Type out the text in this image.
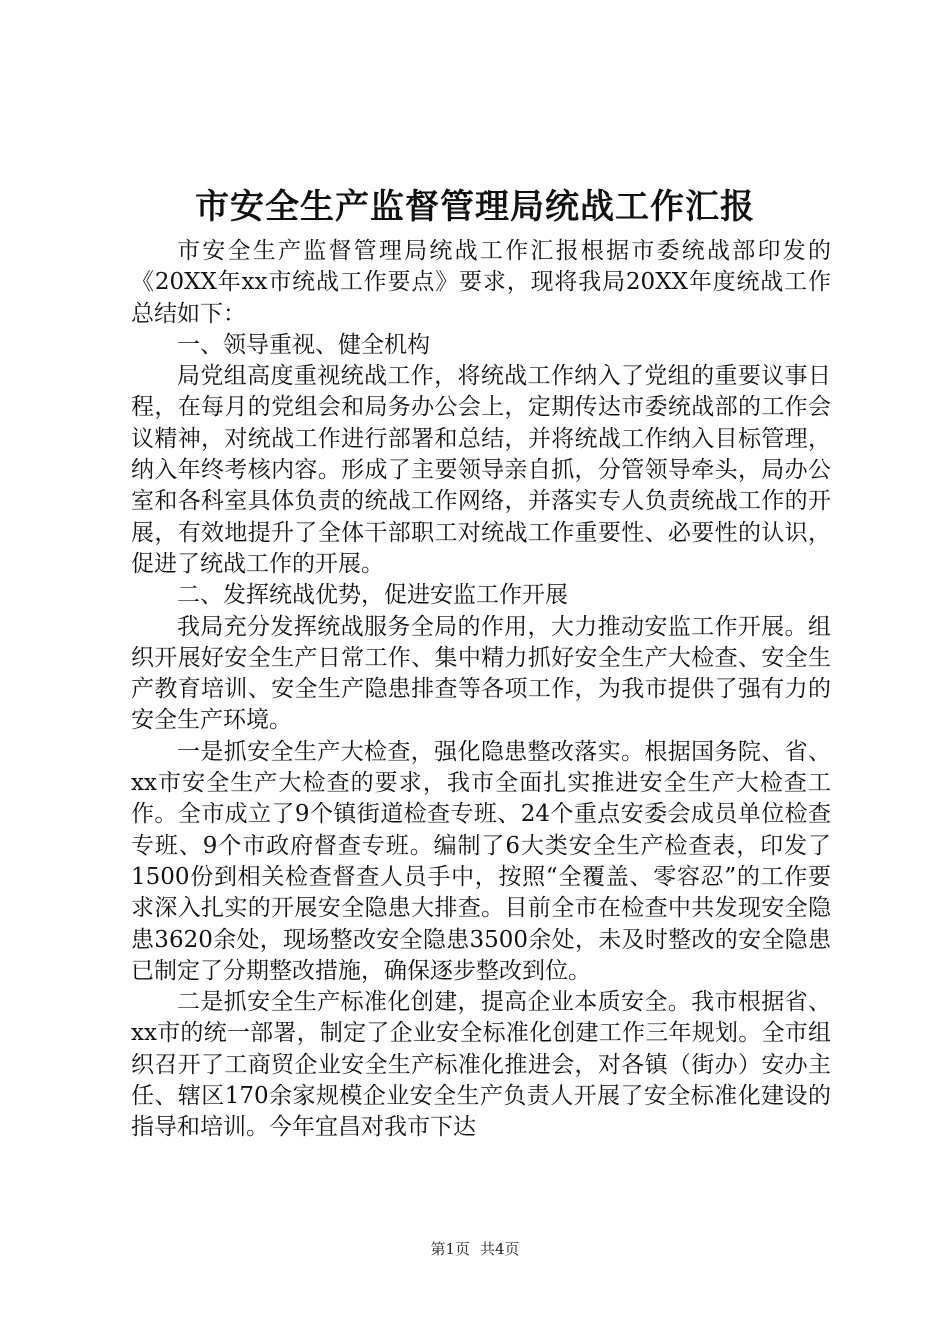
市安全生产监督管理局统战工作汇报

市安全生产监督管理局统战工作汇报根据市委统战部印发的《20XX年xx市统战工作要点》要求，现将我局20XX年度统战工作总结如下：

一、领导重视、健全机构

局党组高度重视统战工作，将统战工作纳入了党组的重要议事日程，在每月的党组会和局务办公会上，定期传达市委统战部的工作会议精神，对统战工作进行部署和总结，并将统战工作纳入目标管理，纳入年终考核内容。形成了主要领导亲自抓，分管领导牵头，局办公室和各科室具体负责的统战工作网络，并落实专人负责统战工作的开展，有效地提升了全体干部职工对统战工作重要性、必要性的认识，促进了统战工作的开展。

二、发挥统战优势，促进安监工作开展

我局充分发挥统战服务全局的作用，大力推动安监工作开展。组织开展好安全生产日常工作、集中精力抓好安全生产大检查、安全生产教育培训、安全生产隐患排查等各项工作，为我市提供了强有力的安全生产环境。

一是抓安全生产大检查，强化隐患整改落实。根据国务院、省、xx市安全生产大检查的要求，我市全面扎实推进安全生产大检查工作。全市成立了9个镇街道检查专班、24个重点安委会成员单位检查专班、9个市政府督查专班。编制了6大类安全生产检查表，印发了1500份到相关检查督查人员手中，按照“全覆盖、零容忍”的工作要求深入扎实的开展安全隐患大排查。目前全市在检查中共发现安全隐患3620余处，现场整改安全隐患3500余处，未及时整改的安全隐患已制定了分期整改措施，确保逐步整改到位。

二是抓安全生产标准化创建，提高企业本质安全。我市根据省、xx市的统一部署，制定了企业安全标准化创建工作三年规划。全市组织召开了工商贸企业安全生产标准化推进会，对各镇（街办）安办主任、辖区170余家规模企业安全生产负责人开展了安全标准化建设的指导和培训。今年宜昌对我市下达

第1页 共4页
